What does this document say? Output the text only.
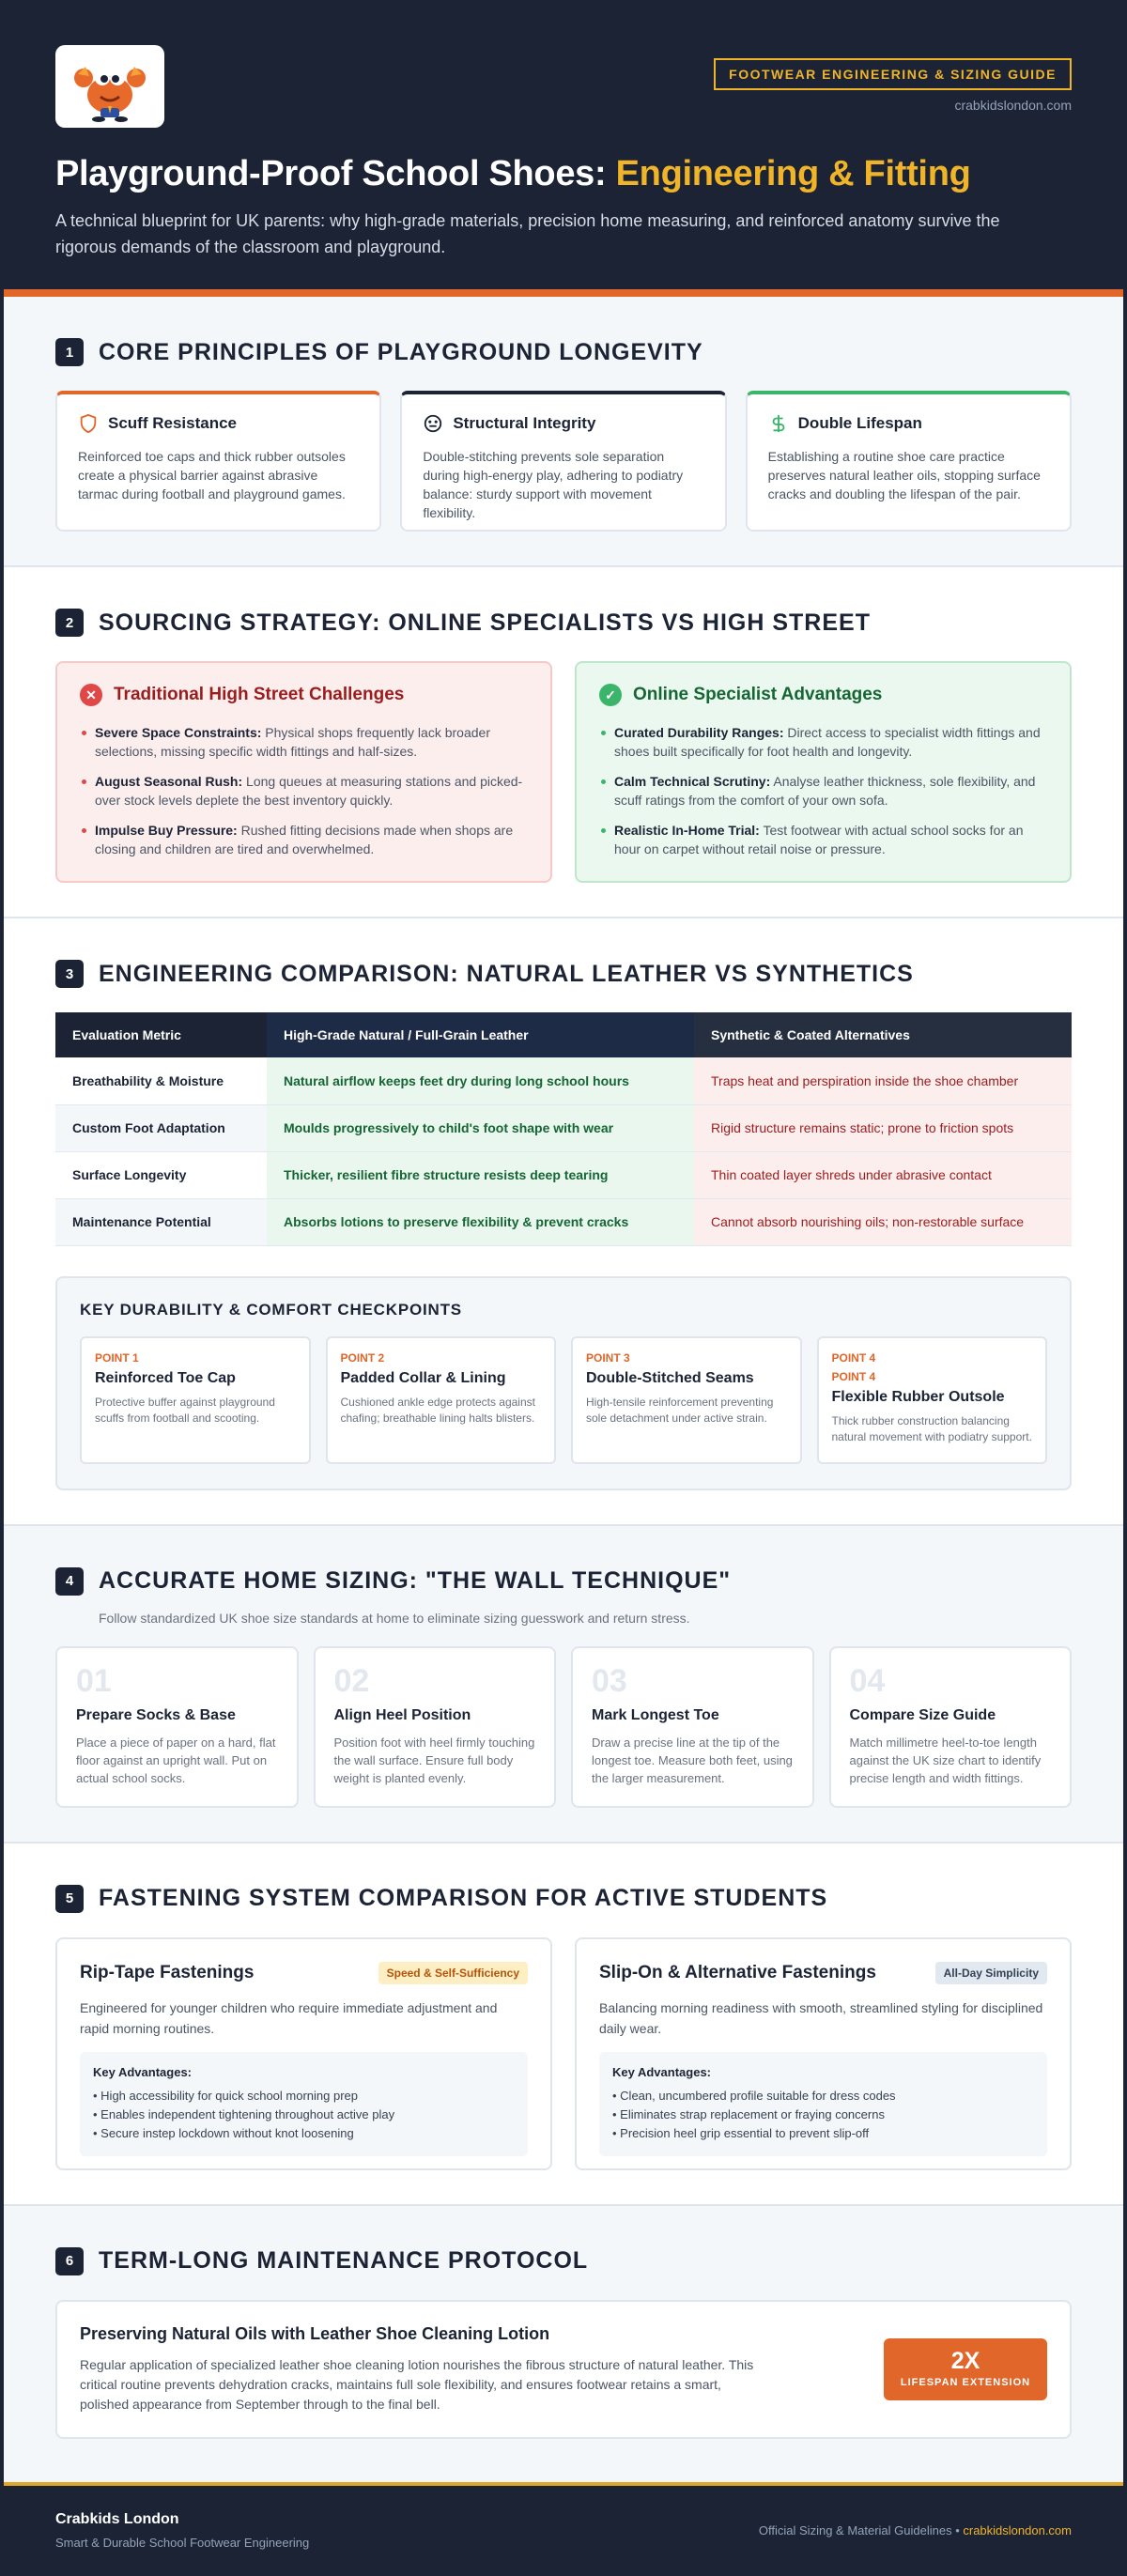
FOOTWEAR ENGINEERING & SIZING GUIDE
crabkidslondon.com
Playground-Proof School Shoes: Engineering & Fitting

A technical blueprint for UK parents: why high-grade materials, precision home measuring, and reinforced anatomy survive the rigorous demands of the classroom and playground.

1	CORE PRINCIPLES OF PLAYGROUND LONGEVITY
Scuff Resistance

Reinforced toe caps and thick rubber outsoles create a physical barrier against abrasive tarmac during football and playground games.

Structural Integrity

Double-stitching prevents sole separation during high-energy play, adhering to podiatry balance: sturdy support with movement flexibility.

Double Lifespan

Establishing a routine shoe care practice preserves natural leather oils, stopping surface cracks and doubling the lifespan of the pair.

2	SOURCING STRATEGY: ONLINE SPECIALISTS VS HIGH STREET
✕ Traditional High Street Challenges
Severe Space Constraints: Physical shops frequently lack broader selections, missing specific width fittings and half-sizes.
August Seasonal Rush: Long queues at measuring stations and picked-over stock levels deplete the best inventory quickly.
Impulse Buy Pressure: Rushed fitting decisions made when shops are closing and children are tired and overwhelmed.
✓ Online Specialist Advantages
Curated Durability Ranges: Direct access to specialist width fittings and shoes built specifically for foot health and longevity.
Calm Technical Scrutiny: Analyse leather thickness, sole flexibility, and scuff ratings from the comfort of your own sofa.
Realistic In-Home Trial: Test footwear with actual school socks for an hour on carpet without retail noise or pressure.
3	ENGINEERING COMPARISON: NATURAL LEATHER VS SYNTHETICS
Evaluation Metric	High-Grade Natural / Full-Grain Leather	Synthetic & Coated Alternatives
Breathability & Moisture	Natural airflow keeps feet dry during long school hours	Traps heat and perspiration inside the shoe chamber
Custom Foot Adaptation	Moulds progressively to child's foot shape with wear	Rigid structure remains static; prone to friction spots
Surface Longevity	Thicker, resilient fibre structure resists deep tearing	Thin coated layer shreds under abrasive contact
Maintenance Potential	Absorbs lotions to preserve flexibility & prevent cracks	Cannot absorb nourishing oils; non-restorable surface
KEY DURABILITY & COMFORT CHECKPOINTS
POINT 1
Reinforced Toe Cap

Protective buffer against playground scuffs from football and scooting.

POINT 2
Padded Collar & Lining

Cushioned ankle edge protects against chafing; breathable lining halts blisters.

POINT 3
Double-Stitched Seams

High-tensile reinforcement preventing sole detachment under active strain.

POINT 4
POINT 4
Flexible Rubber Outsole

Thick rubber construction balancing natural movement with podiatry support.

4	ACCURATE HOME SIZING: "THE WALL TECHNIQUE"
Follow standardized UK shoe size standards at home to eliminate sizing guesswork and return stress.
01
Prepare Socks & Base

Place a piece of paper on a hard, flat floor against an upright wall. Put on actual school socks.

02
Align Heel Position

Position foot with heel firmly touching the wall surface. Ensure full body weight is planted evenly.

03
Mark Longest Toe

Draw a precise line at the tip of the longest toe. Measure both feet, using the larger measurement.

04
Compare Size Guide

Match millimetre heel-to-toe length against the UK size chart to identify precise length and width fittings.

5	FASTENING SYSTEM COMPARISON FOR ACTIVE STUDENTS
Rip-Tape Fastenings	Speed & Self-Sufficiency

Engineered for younger children who require immediate adjustment and rapid morning routines.

Key Advantages:
• High accessibility for quick school morning prep
• Enables independent tightening throughout active play
• Secure instep lockdown without knot loosening
Slip-On & Alternative Fastenings	All-Day Simplicity

Balancing morning readiness with smooth, streamlined styling for disciplined daily wear.

Key Advantages:
• Clean, uncumbered profile suitable for dress codes
• Eliminates strap replacement or fraying concerns
• Precision heel grip essential to prevent slip-off
6	TERM-LONG MAINTENANCE PROTOCOL
Preserving Natural Oils with Leather Shoe Cleaning Lotion

Regular application of specialized leather shoe cleaning lotion nourishes the fibrous structure of natural leather. This critical routine prevents dehydration cracks, maintains full sole flexibility, and ensures footwear retains a smart, polished appearance from September through to the final bell.

2X
LIFESPAN EXTENSION
Crabkids London
Smart & Durable School Footwear Engineering
Official Sizing & Material Guidelines • crabkidslondon.com
